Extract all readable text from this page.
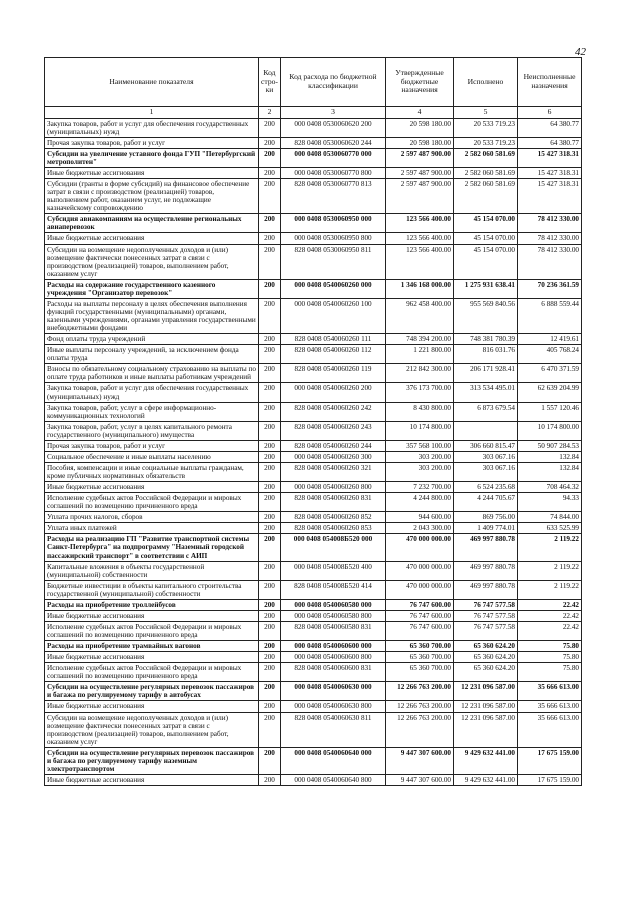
42
Наименование показателя	Код стро-ки	Код расхода по бюджетной классификации	Утвержденные бюджетные назначения	Исполнено	Неисполненные назначения
1	2	3	4	5	6
Закупка товаров, работ и услуг для обеспечения государственных (муниципальных) нужд	200	000 0408 0530060620 200	20 598 180.00	20 533 719.23	64 380.77
Прочая закупка товаров, работ и услуг	200	828 0408 0530060620 244	20 598 180.00	20 533 719.23	64 380.77
Субсидии на увеличение уставного фонда ГУП "Петербургский метрополитен"	200	000 0408 0530060770 000	2 597 487 900.00	2 582 060 581.69	15 427 318.31
Иные бюджетные ассигнования	200	000 0408 0530060770 800	2 597 487 900.00	2 582 060 581.69	15 427 318.31
Субсидии (гранты в форме субсидий) на финансовое обеспечение затрат в связи с производством (реализацией) товаров, выполнением работ, оказанием услуг, не подлежащие казначейскому сопровождению	200	828 0408 0530060770 813	2 597 487 900.00	2 582 060 581.69	15 427 318.31
Субсидия авиакомпаниям на осуществление региональных авиаперевозок	200	000 0408 0530060950 000	123 566 400.00	45 154 070.00	78 412 330.00
Иные бюджетные ассигнования	200	000 0408 0530060950 800	123 566 400.00	45 154 070.00	78 412 330.00
Субсидии на возмещение недополученных доходов и (или) возмещение фактически понесенных затрат в связи с производством (реализацией) товаров, выполнением работ, оказанием услуг	200	828 0408 0530060950 811	123 566 400.00	45 154 070.00	78 412 330.00
Расходы на содержание государственного казенного учреждения "Организатор перевозок"	200	000 0408 0540060260 000	1 346 168 000.00	1 275 931 638.41	70 236 361.59
Расходы на выплаты персоналу в целях обеспечения выполнения функций государственными (муниципальными) органами, казенными учреждениями, органами управления государственными внебюджетными фондами	200	000 0408 0540060260 100	962 458 400.00	955 569 840.56	6 888 559.44
Фонд оплаты труда учреждений	200	828 0408 0540060260 111	748 394 200.00	748 381 780.39	12 419.61
Иные выплаты персоналу учреждений, за исключением фонда оплаты труда	200	828 0408 0540060260 112	1 221 800.00	816 031.76	405 768.24
Взносы по обязательному социальному страхованию на выплаты по оплате труда работников и иные выплаты работникам учреждений	200	828 0408 0540060260 119	212 842 300.00	206 171 928.41	6 470 371.59
Закупка товаров, работ и услуг для обеспечения государственных (муниципальных) нужд	200	000 0408 0540060260 200	376 173 700.00	313 534 495.01	62 639 204.99
Закупка товаров, работ, услуг в сфере информационно-коммуникационных технологий	200	828 0408 0540060260 242	8 430 800.00	6 873 679.54	1 557 120.46
Закупка товаров, работ, услуг в целях капитального ремонта государственного (муниципального) имущества	200	828 0408 0540060260 243	10 174 800.00		10 174 800.00
Прочая закупка товаров, работ и услуг	200	828 0408 0540060260 244	357 568 100.00	306 660 815.47	50 907 284.53
Социальное обеспечение и иные выплаты населению	200	000 0408 0540060260 300	303 200.00	303 067.16	132.84
Пособия, компенсации и иные социальные выплаты гражданам, кроме публичных нормативных обязательств	200	828 0408 0540060260 321	303 200.00	303 067.16	132.84
Иные бюджетные ассигнования	200	000 0408 0540060260 800	7 232 700.00	6 524 235.68	708 464.32
Исполнение судебных актов Российской Федерации и мировых соглашений по возмещению причиненного вреда	200	828 0408 0540060260 831	4 244 800.00	4 244 705.67	94.33
Уплата прочих налогов, сборов	200	828 0408 0540060260 852	944 600.00	869 756.00	74 844.00
Уплата иных платежей	200	828 0408 0540060260 853	2 043 300.00	1 409 774.01	633 525.99
Расходы на реализацию ГП "Развитие транспортной системы Санкт-Петербурга" на подпрограмму "Наземный городской пассажирский транспорт" в соответствии с АИП	200	000 0408 054008Б520 000	470 000 000.00	469 997 880.78	2 119.22
Капитальные вложения в объекты государственной (муниципальной) собственности	200	000 0408 054008Б520 400	470 000 000.00	469 997 880.78	2 119.22
Бюджетные инвестиции в объекты капитального строительства государственной (муниципальной) собственности	200	828 0408 054008Б520 414	470 000 000.00	469 997 880.78	2 119.22
Расходы на приобретение троллейбусов	200	000 0408 0540060580 000	76 747 600.00	76 747 577.58	22.42
Иные бюджетные ассигнования	200	000 0408 0540060580 800	76 747 600.00	76 747 577.58	22.42
Исполнение судебных актов Российской Федерации и мировых соглашений по возмещению причиненного вреда	200	828 0408 0540060580 831	76 747 600.00	76 747 577.58	22.42
Расходы на приобретение трамвайных вагонов	200	000 0408 0540060600 000	65 360 700.00	65 360 624.20	75.80
Иные бюджетные ассигнования	200	000 0408 0540060600 800	65 360 700.00	65 360 624.20	75.80
Исполнение судебных актов Российской Федерации и мировых соглашений по возмещению причиненного вреда	200	828 0408 0540060600 831	65 360 700.00	65 360 624.20	75.80
Субсидии на осуществление регулярных перевозок пассажиров и багажа по регулируемому тарифу в автобусах	200	000 0408 0540060630 000	12 266 763 200.00	12 231 096 587.00	35 666 613.00
Иные бюджетные ассигнования	200	000 0408 0540060630 800	12 266 763 200.00	12 231 096 587.00	35 666 613.00
Субсидии на возмещение недополученных доходов и (или) возмещение фактически понесенных затрат в связи с производством (реализацией) товаров, выполнением работ, оказанием услуг	200	828 0408 0540060630 811	12 266 763 200.00	12 231 096 587.00	35 666 613.00
Субсидии на осуществление регулярных перевозок пассажиров и багажа по регулируемому тарифу наземным электротранспортом	200	000 0408 0540060640 000	9 447 307 600.00	9 429 632 441.00	17 675 159.00
Иные бюджетные ассигнования	200	000 0408 0540060640 800	9 447 307 600.00	9 429 632 441.00	17 675 159.00
